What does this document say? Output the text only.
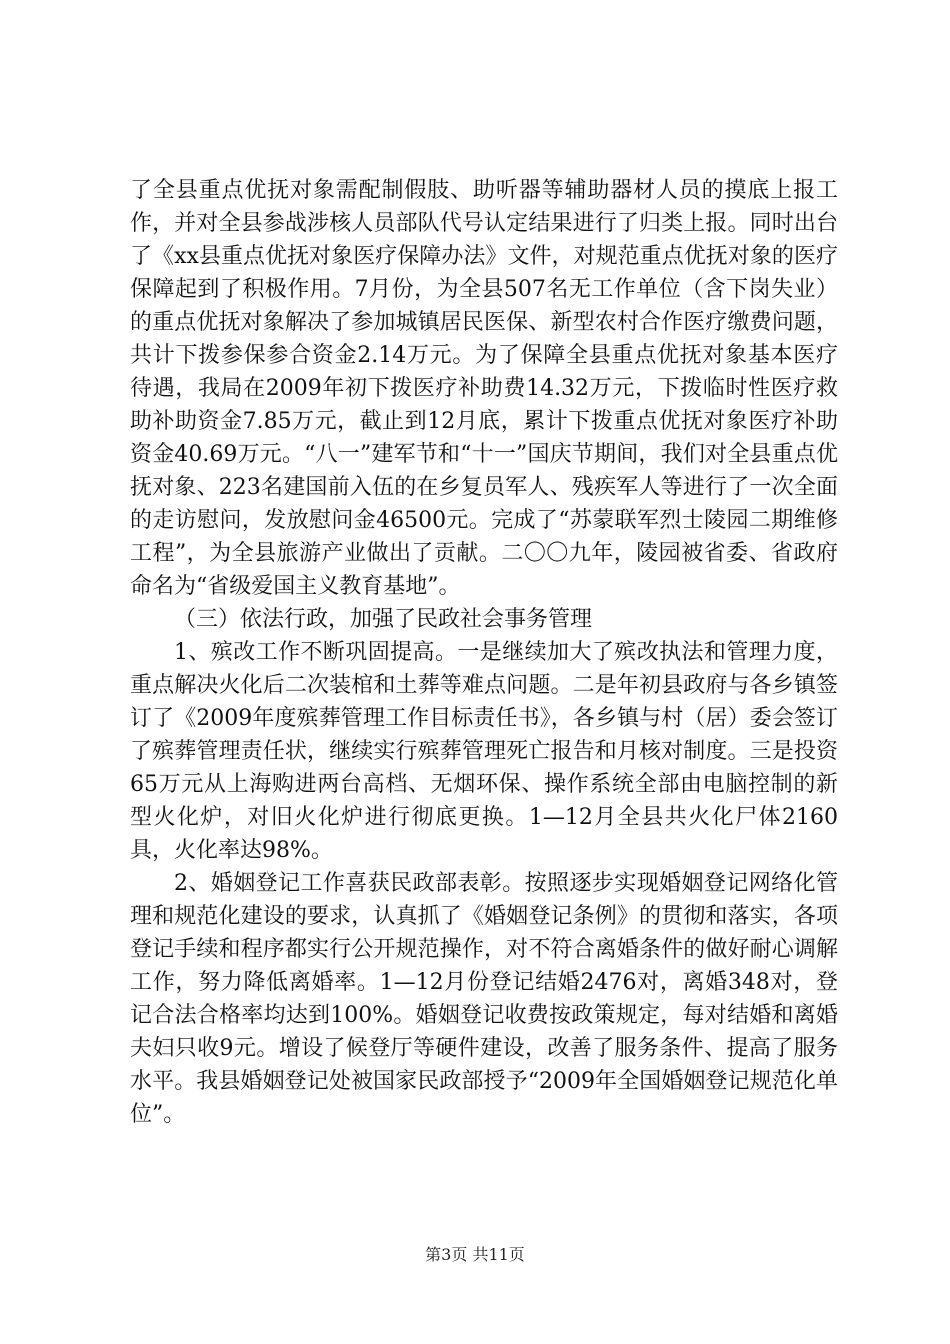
了全县重点优抚对象需配制假肢、助听器等辅助器材人员的摸底上报工作，并对全县参战涉核人员部队代号认定结果进行了归类上报。同时出台了《xx县重点优抚对象医疗保障办法》文件，对规范重点优抚对象的医疗保障起到了积极作用。7月份，为全县507名无工作单位（含下岗失业）的重点优抚对象解决了参加城镇居民医保、新型农村合作医疗缴费问题，共计下拨参保参合资金2.14万元。为了保障全县重点优抚对象基本医疗待遇，我局在2009年初下拨医疗补助费14.32万元，下拨临时性医疗救助补助资金7.85万元，截止到12月底，累计下拨重点优抚对象医疗补助资金40.69万元。“八一”建军节和“十一”国庆节期间，我们对全县重点优抚对象、223名建国前入伍的在乡复员军人、残疾军人等进行了一次全面的走访慰问，发放慰问金46500元。完成了“苏蒙联军烈士陵园二期维修工程”，为全县旅游产业做出了贡献。二〇〇九年，陵园被省委、省政府命名为“省级爱国主义教育基地”。

（三）依法行政，加强了民政社会事务管理

1、殡改工作不断巩固提高。一是继续加大了殡改执法和管理力度，重点解决火化后二次装棺和土葬等难点问题。二是年初县政府与各乡镇签订了《2009年度殡葬管理工作目标责任书》，各乡镇与村（居）委会签订了殡葬管理责任状，继续实行殡葬管理死亡报告和月核对制度。三是投资65万元从上海购进两台高档、无烟环保、操作系统全部由电脑控制的新型火化炉，对旧火化炉进行彻底更换。1—12月全县共火化尸体2160具，火化率达98%。

2、婚姻登记工作喜获民政部表彰。按照逐步实现婚姻登记网络化管理和规范化建设的要求，认真抓了《婚姻登记条例》的贯彻和落实，各项登记手续和程序都实行公开规范操作，对不符合离婚条件的做好耐心调解工作，努力降低离婚率。1—12月份登记结婚2476对，离婚348对，登记合法合格率均达到100%。婚姻登记收费按政策规定，每对结婚和离婚夫妇只收9元。增设了候登厅等硬件建设，改善了服务条件、提高了服务水平。我县婚姻登记处被国家民政部授予“2009年全国婚姻登记规范化单位”。

第3页 共11页
